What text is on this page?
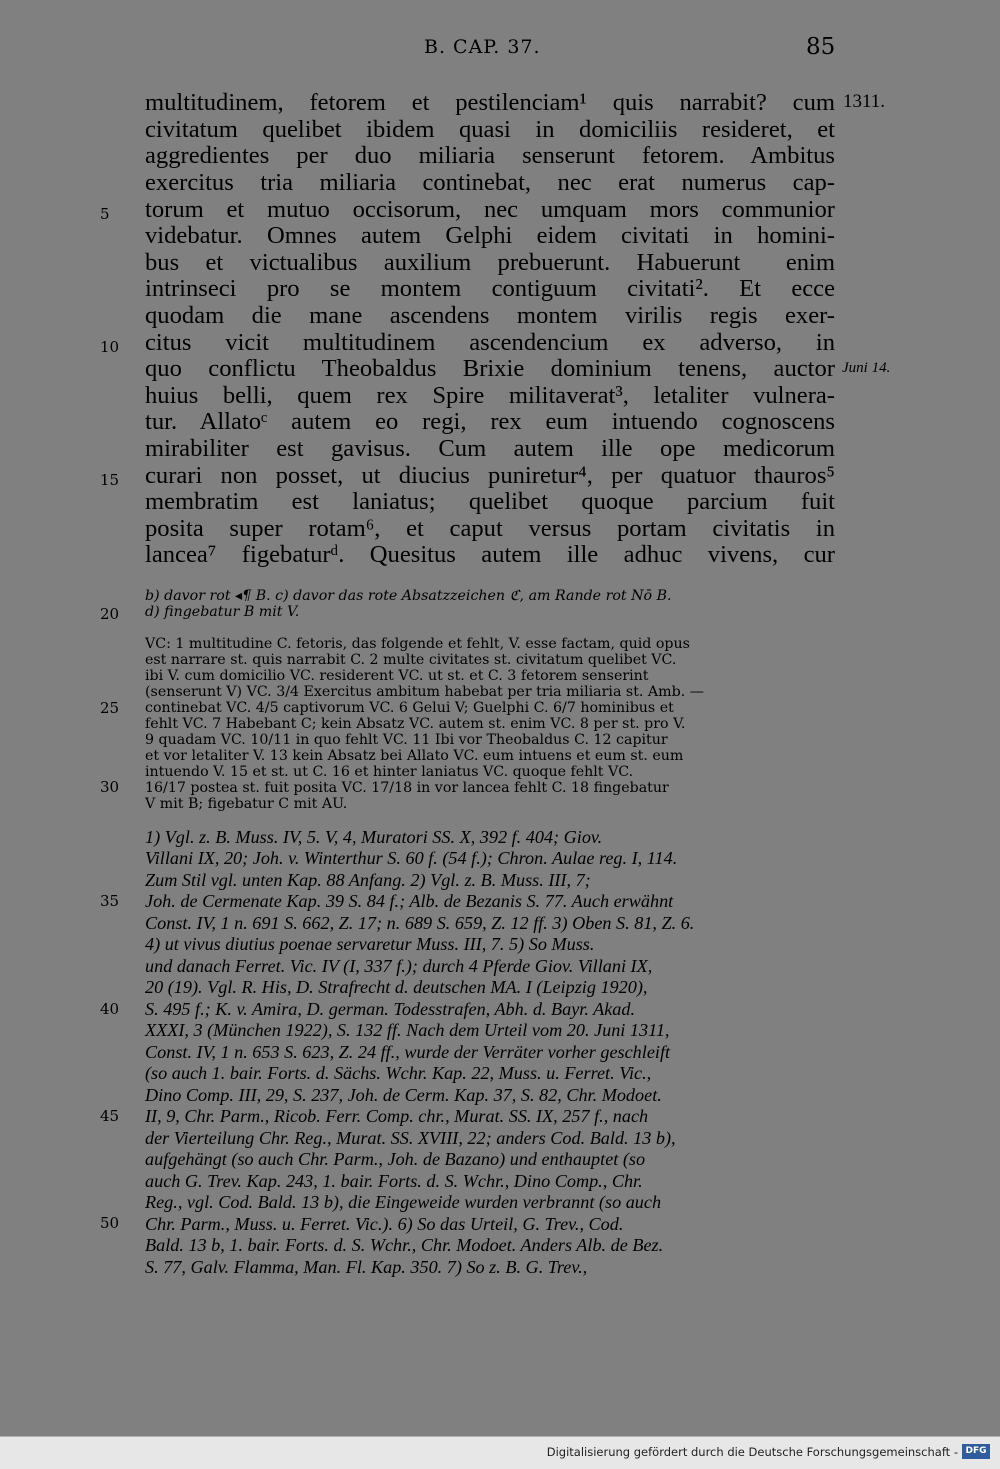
B. CAP. 37.	85
1311.
Juni 14.
5
10
15
20
25
30
35
40
45
50
multitudinem, fetorem et pestilenciam¹ quis narrabit? cum
civitatum quelibet ibidem quasi in domiciliis resideret, et
aggredientes per duo miliaria senserunt fetorem. Ambitus
exercitus tria miliaria continebat, nec erat numerus cap-
torum et mutuo occisorum, nec umquam mors communior
videbatur. Omnes autem Gelphi eidem civitati in homini-
bus et victualibus auxilium prebuerunt. Habuerunt᪵ enim
intrinseci pro se montem contiguum civitati². Et ecce
quodam die mane ascendens montem virilis regis exer-
citus vicit multitudinem ascendencium ex adverso, in
quo conflictu Theobaldus Brixie dominium tenens, auctor
huius belli, quem rex Spire militaverat³, letaliter vulnera-
tur. Allatoᶜ autem eo regi, rex eum intuendo cognoscens
mirabiliter est gavisus. Cum autem ille ope medicorum
curari non posset, ut diucius puniretur⁴, per quatuor thauros⁵
membratim est laniatus; quelibet quoque parcium fuit
posita super rotam⁶, et caput versus portam civitatis in
lancea⁷ figebaturᵈ. Quesitus autem ille adhuc vivens, cur
b) davor rot ◂¶ B. c) davor das rote Absatzzeichen ℭ, am Rande rot Nō B.
d) fingebatur B mit V.
VC: 1 multitudine C. fetoris, das folgende et fehlt, V. esse factam, quid opus
est narrare st. quis narrabit C. 2 multe civitates st. civitatum quelibet VC.
ibi V. cum domicilio VC. residerent VC. ut st. et C. 3 fetorem senserint
(senserunt V) VC. 3/4 Exercitus ambitum habebat per tria miliaria st. Amb. —
continebat VC. 4/5 captivorum VC. 6 Gelui V; Guelphi C. 6/7 hominibus et
fehlt VC. 7 Habebant C; kein Absatz VC. autem st. enim VC. 8 per st. pro V.
9 quadam VC. 10/11 in quo fehlt VC. 11 Ibi vor Theobaldus C. 12 capitur
et vor letaliter V. 13 kein Absatz bei Allato VC. eum intuens et eum st. eum
intuendo V. 15 et st. ut C. 16 et hinter laniatus VC. quoque fehlt VC.
16/17 postea st. fuit posita VC. 17/18 in vor lancea fehlt C. 18 fingebatur
V mit B; figebatur C mit AU.
1) Vgl. z. B. Muss. IV, 5. V, 4, Muratori SS. X, 392 f. 404; Giov.
Villani IX, 20; Joh. v. Winterthur S. 60 f. (54 f.); Chron. Aulae reg. I, 114.
Zum Stil vgl. unten Kap. 88 Anfang. 2) Vgl. z. B. Muss. III, 7;
Joh. de Cermenate Kap. 39 S. 84 f.; Alb. de Bezanis S. 77. Auch erwähnt
Const. IV, 1 n. 691 S. 662, Z. 17; n. 689 S. 659, Z. 12 ff. 3) Oben S. 81, Z. 6.
4) ut vivus diutius poenae servaretur Muss. III, 7. 5) So Muss.
und danach Ferret. Vic. IV (I, 337 f.); durch 4 Pferde Giov. Villani IX,
20 (19). Vgl. R. His, D. Strafrecht d. deutschen MA. I (Leipzig 1920),
S. 495 f.; K. v. Amira, D. german. Todesstrafen, Abh. d. Bayr. Akad.
XXXI, 3 (München 1922), S. 132 ff. Nach dem Urteil vom 20. Juni 1311,
Const. IV, 1 n. 653 S. 623, Z. 24 ff., wurde der Verräter vorher geschleift
(so auch 1. bair. Forts. d. Sächs. Wchr. Kap. 22, Muss. u. Ferret. Vic.,
Dino Comp. III, 29, S. 237, Joh. de Cerm. Kap. 37, S. 82, Chr. Modoet.
II, 9, Chr. Parm., Ricob. Ferr. Comp. chr., Murat. SS. IX, 257 f., nach
der Vierteilung Chr. Reg., Murat. SS. XVIII, 22; anders Cod. Bald. 13 b),
aufgehängt (so auch Chr. Parm., Joh. de Bazano) und enthauptet (so
auch G. Trev. Kap. 243, 1. bair. Forts. d. S. Wchr., Dino Comp., Chr.
Reg., vgl. Cod. Bald. 13 b), die Eingeweide wurden verbrannt (so auch
Chr. Parm., Muss. u. Ferret. Vic.). 6) So das Urteil, G. Trev., Cod.
Bald. 13 b, 1. bair. Forts. d. S. Wchr., Chr. Modoet. Anders Alb. de Bez.
S. 77, Galv. Flamma, Man. Fl. Kap. 350. 7) So z. B. G. Trev.,
Digitalisierung gefördert durch die Deutsche Forschungsgemeinschaft - DFG
